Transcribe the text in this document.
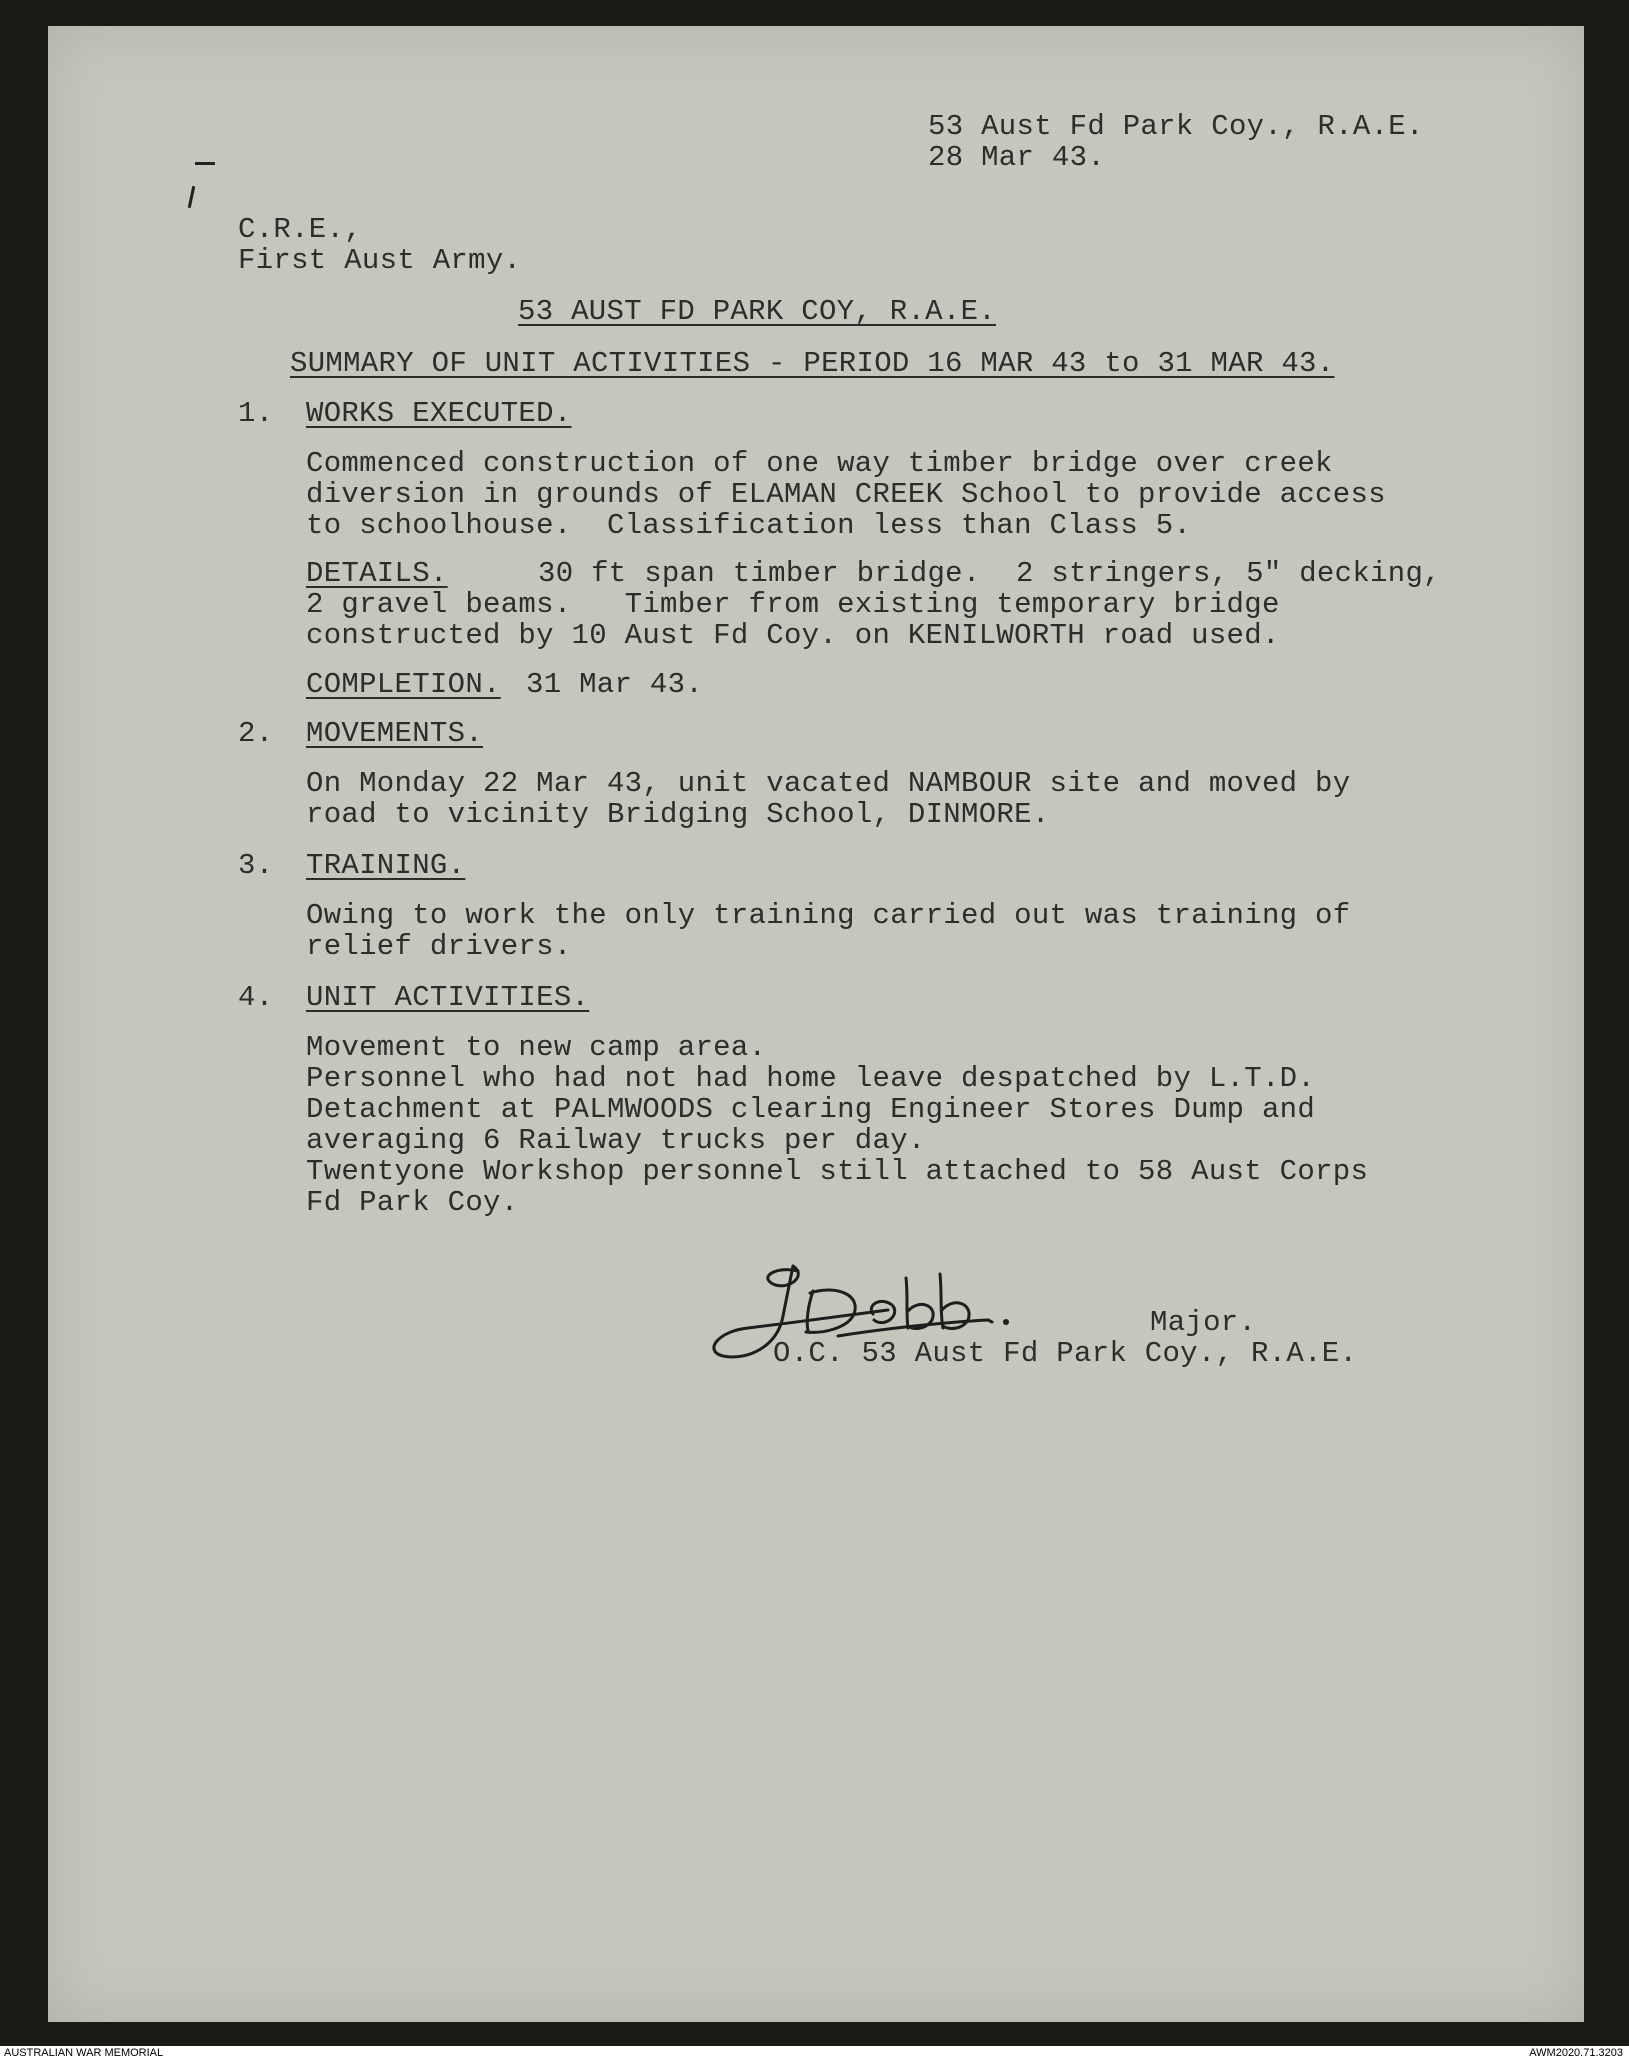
53 Aust Fd Park Coy., R.A.E.
28 Mar 43.
C.R.E.,
First Aust Army.
53 AUST FD PARK COY, R.A.E.
SUMMARY OF UNIT ACTIVITIES - PERIOD 16 MAR 43 to 31 MAR 43.
1. WORKS EXECUTED.
Commenced construction of one way timber bridge over creek
diversion in grounds of ELAMAN CREEK School to provide access
to schoolhouse.  Classification less than Class 5.
DETAILS.	30 ft span timber bridge.  2 stringers, 5" decking,
2 gravel beams.   Timber from existing temporary bridge
constructed by 10 Aust Fd Coy. on KENILWORTH road used.
COMPLETION. 31 Mar 43.
2. MOVEMENTS.
On Monday 22 Mar 43, unit vacated NAMBOUR site and moved by
road to vicinity Bridging School, DINMORE.
3. TRAINING.
Owing to work the only training carried out was training of
relief drivers.
4. UNIT ACTIVITIES.
Movement to new camp area.
Personnel who had not had home leave despatched by L.T.D.
Detachment at PALMWOODS clearing Engineer Stores Dump and
averaging 6 Railway trucks per day.
Twentyone Workshop personnel still attached to 58 Aust Corps
Fd Park Coy.
Major.
O.C. 53 Aust Fd Park Coy., R.A.E.
AUSTRALIAN WAR MEMORIAL	AWM2020.71.3203
